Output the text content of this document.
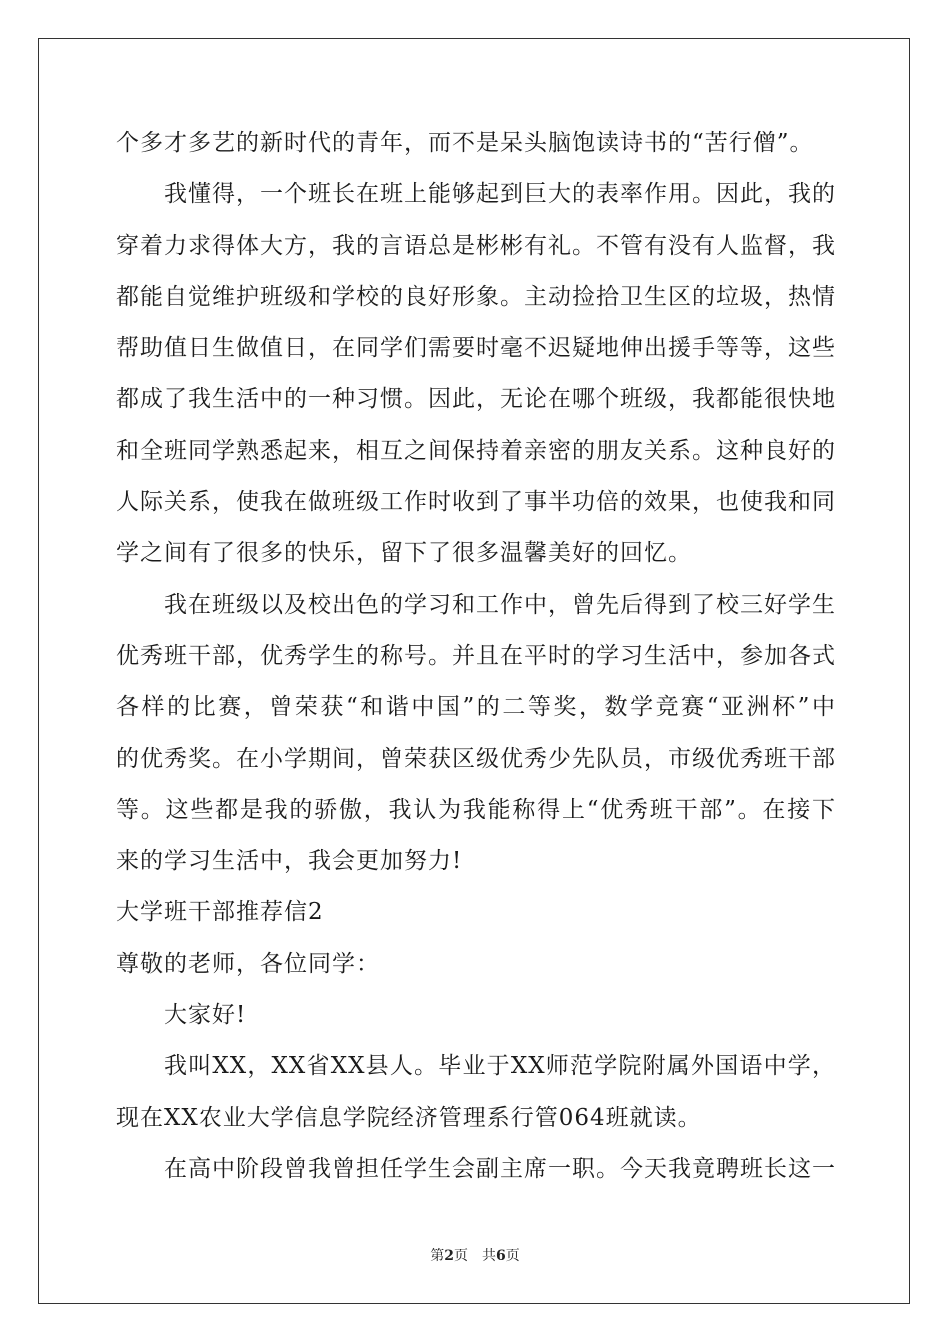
个多才多艺的新时代的青年，而不是呆头脑饱读诗书的“苦行僧”。
我懂得，一个班长在班上能够起到巨大的表率作用。因此，我的
穿着力求得体大方，我的言语总是彬彬有礼。不管有没有人监督，我
都能自觉维护班级和学校的良好形象。主动捡拾卫生区的垃圾，热情
帮助值日生做值日，在同学们需要时毫不迟疑地伸出援手等等，这些
都成了我生活中的一种习惯。因此，无论在哪个班级，我都能很快地
和全班同学熟悉起来，相互之间保持着亲密的朋友关系。这种良好的
人际关系，使我在做班级工作时收到了事半功倍的效果，也使我和同
学之间有了很多的快乐，留下了很多温馨美好的回忆。
我在班级以及校出色的学习和工作中，曾先后得到了校三好学生
优秀班干部，优秀学生的称号。并且在平时的学习生活中，参加各式
各样的比赛，曾荣获“和谐中国”的二等奖，数学竞赛“亚洲杯”中
的优秀奖。在小学期间，曾荣获区级优秀少先队员，市级优秀班干部
等。这些都是我的骄傲，我认为我能称得上“优秀班干部”。在接下
来的学习生活中，我会更加努力!
大学班干部推荐信2
尊敬的老师，各位同学：
大家好!
我叫XX，XX省XX县人。毕业于XX师范学院附属外国语中学，
现在XX农业大学信息学院经济管理系行管064班就读。
在高中阶段曾我曾担任学生会副主席一职。今天我竟聘班长这一
第2页 共6页
